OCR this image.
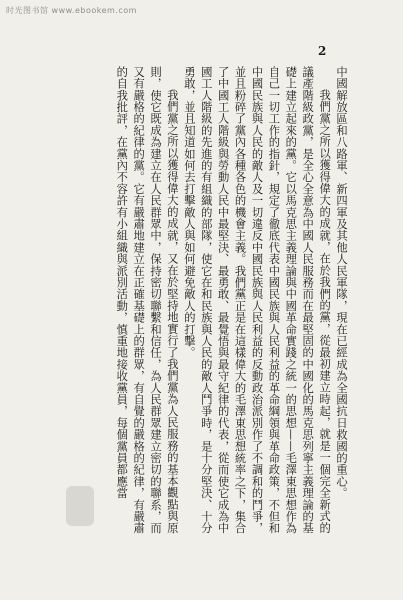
时光图书馆 www.ebookem.com
2

中國解放區和八路軍、新四軍及其他人民軍隊，現在已經成為全國抗日救國的重心。

我們黨之所以獲得偉大的成就，在於我們的黨，從最初建立時起，就是一個完全新式的議產階級政黨，是全心全意為中國人民服務而在最堅固的中國化的馬克思列寧主義理論的基礎上建立起來的黨。它以馬克思主義理論與中國革命實踐之統一的思想——毛澤東思想作為自己一切工作的指針，規定了徹底代表中國民族與人民利益的革命綱領與革命政策，不但和中國民族與人民的敵人及一切違反中國民族與人民利益的反動政治派別作了不調和的鬥爭，並且粉碎了黨內各種各色的機會主義。我們黨正是在這樣偉大的毛澤東思想統率之下，集合了中國工人階級與勞動人民中最堅決、最勇敢、最覺悟與最守紀律的代表，從而使它成為中國工人階級的先進的有組織的部隊，使它在和民族與人民的敵人鬥爭時，是十分堅決、十分勇敢，並且知道如何去打擊敵人與如何避免敵人的打擊。

我們黨之所以獲得偉大的成就，又在於堅持地實行了我們黨為人民服務的基本觀點與原則，使它既成為建立在人民群眾中，保持密切聯繫和信任，為人民群眾建立密切的聯系，而又有嚴格的紀律的黨。它有嚴肅地建立在正確基礎上的群眾，有自覺的嚴格的紀律，有嚴肅的自我批評，在黨內不容許有小組織與派別活動，慎重地接收黨員，每個黨員都應當
